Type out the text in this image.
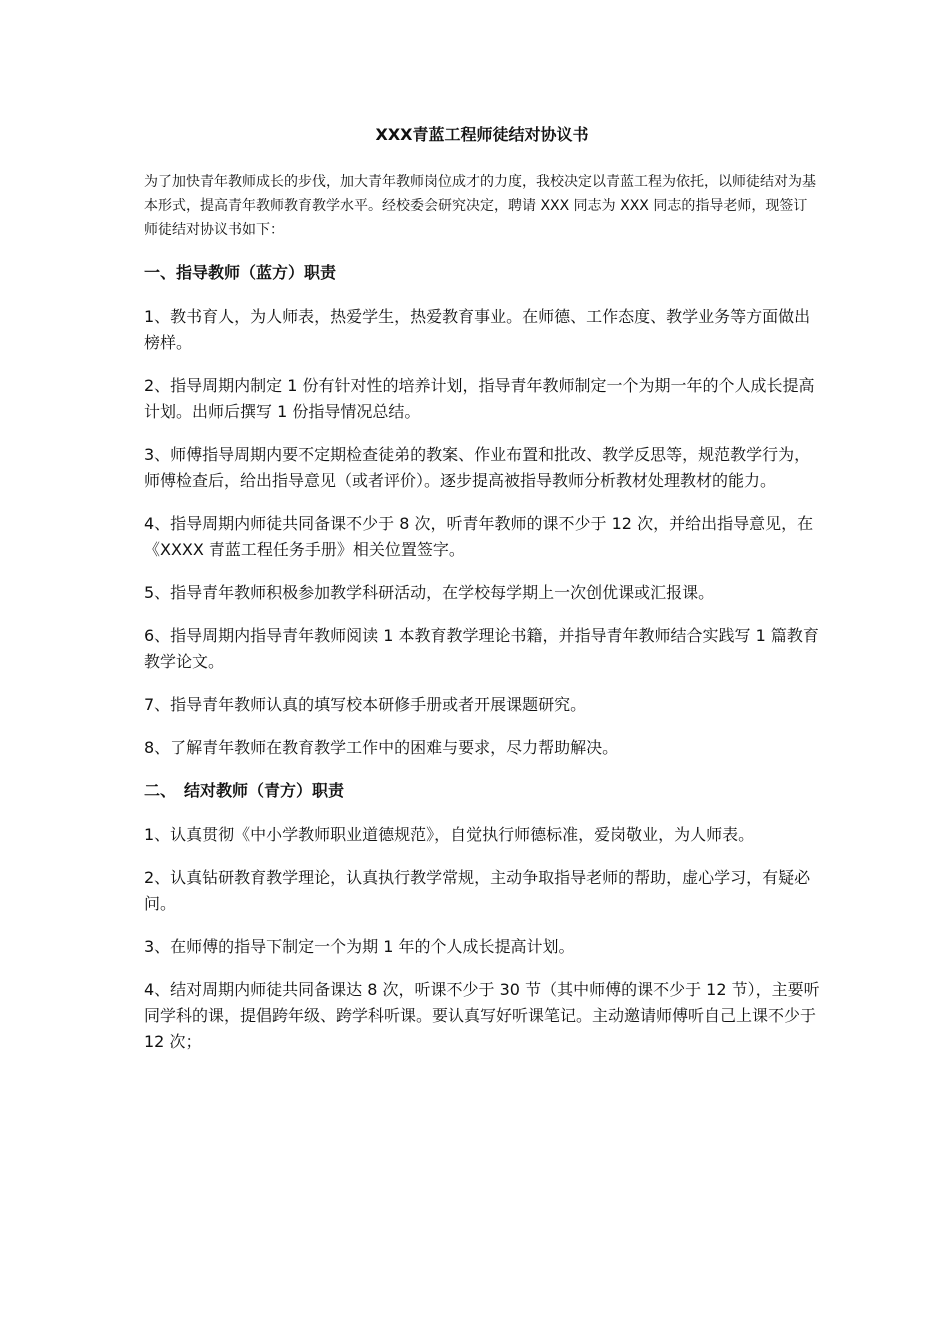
XXX青蓝工程师徒结对协议书
为了加快青年教师成长的步伐，加大青年教师岗位成才的力度，我校决定以青蓝工程为依托，以师徒结对为基本形式，提高青年教师教育教学水平。经校委会研究决定，聘请 XXX 同志为 XXX 同志的指导老师，现签订师徒结对协议书如下：
一、指导教师（蓝方）职责
1、教书育人，为人师表，热爱学生，热爱教育事业。在师德、工作态度、教学业务等方面做出榜样。
2、指导周期内制定 1 份有针对性的培养计划，指导青年教师制定一个为期一年的个人成长提高计划。出师后撰写 1 份指导情况总结。
3、师傅指导周期内要不定期检查徒弟的教案、作业布置和批改、教学反思等，规范教学行为，师傅检查后，给出指导意见（或者评价）。逐步提高被指导教师分析教材处理教材的能力。
4、指导周期内师徒共同备课不少于 8 次，听青年教师的课不少于 12 次，并给出指导意见，在《XXXX 青蓝工程任务手册》相关位置签字。
5、指导青年教师积极参加教学科研活动，在学校每学期上一次创优课或汇报课。
6、指导周期内指导青年教师阅读 1 本教育教学理论书籍，并指导青年教师结合实践写 1 篇教育教学论文。
7、指导青年教师认真的填写校本研修手册或者开展课题研究。
8、了解青年教师在教育教学工作中的困难与要求，尽力帮助解决。
二、　结对教师（青方）职责
1、认真贯彻《中小学教师职业道德规范》，自觉执行师德标准，爱岗敬业，为人师表。
2、认真钻研教育教学理论，认真执行教学常规，主动争取指导老师的帮助，虚心学习，有疑必问。
3、在师傅的指导下制定一个为期 1 年的个人成长提高计划。
4、结对周期内师徒共同备课达 8 次，听课不少于 30 节（其中师傅的课不少于 12 节），主要听同学科的课，提倡跨年级、跨学科听课。要认真写好听课笔记。主动邀请师傅听自己上课不少于 12 次；
